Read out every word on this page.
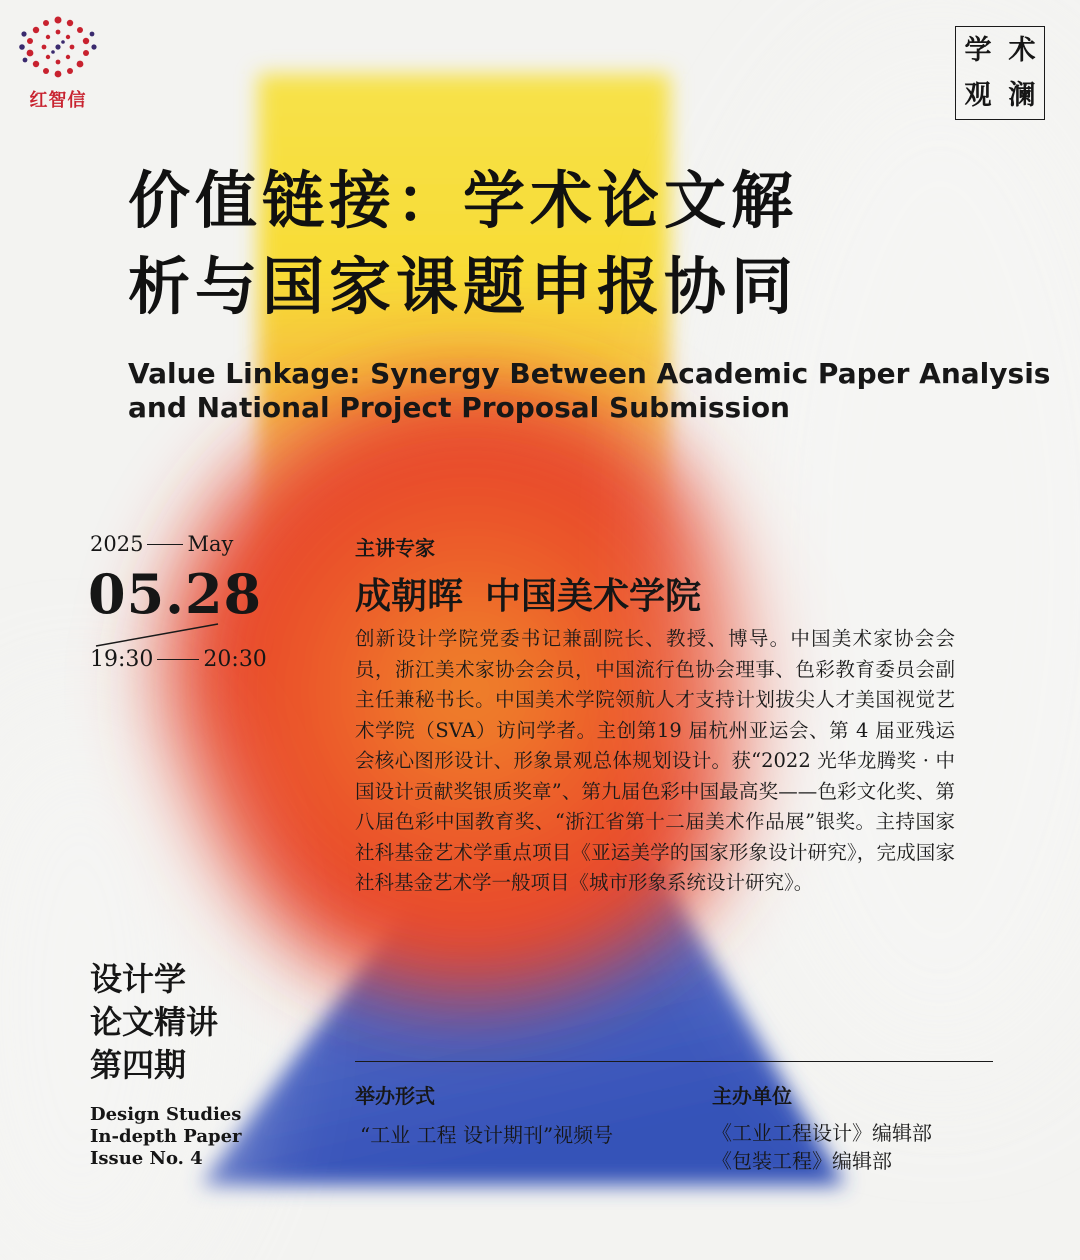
红智信
学 术
观 澜
价值链接：学术论文解
析与国家课题申报协同
Value Linkage: Synergy Between Academic Paper Analysis
and National Project Proposal Submission
2025 May
05.28
19:30 20:30
主讲专家
成朝晖 中国美术学院
创新设计学院党委书记兼副院长、教授、博导。中国美术家协会会员，浙江美术家协会会员，中国流行色协会理事、色彩教育委员会副主任兼秘书长。中国美术学院领航人才支持计划拔尖人才美国视觉艺术学院（SVA）访问学者。主创第19 届杭州亚运会、第 4 届亚残运会核心图形设计、形象景观总体规划设计。获“2022 光华龙腾奖 · 中国设计贡献奖银质奖章”、第九届色彩中国最高奖——色彩文化奖、第八届色彩中国教育奖、“浙江省第十二届美术作品展”银奖。主持国家社科基金艺术学重点项目《亚运美学的国家形象设计研究》，完成国家社科基金艺术学一般项目《城市形象系统设计研究》。
设计学
论文精讲
第四期
Design Studies
In-depth Paper
Issue No. 4
举办形式
“工业 工程 设计期刊”视频号
主办单位
《工业工程设计》编辑部
《包装工程》编辑部
